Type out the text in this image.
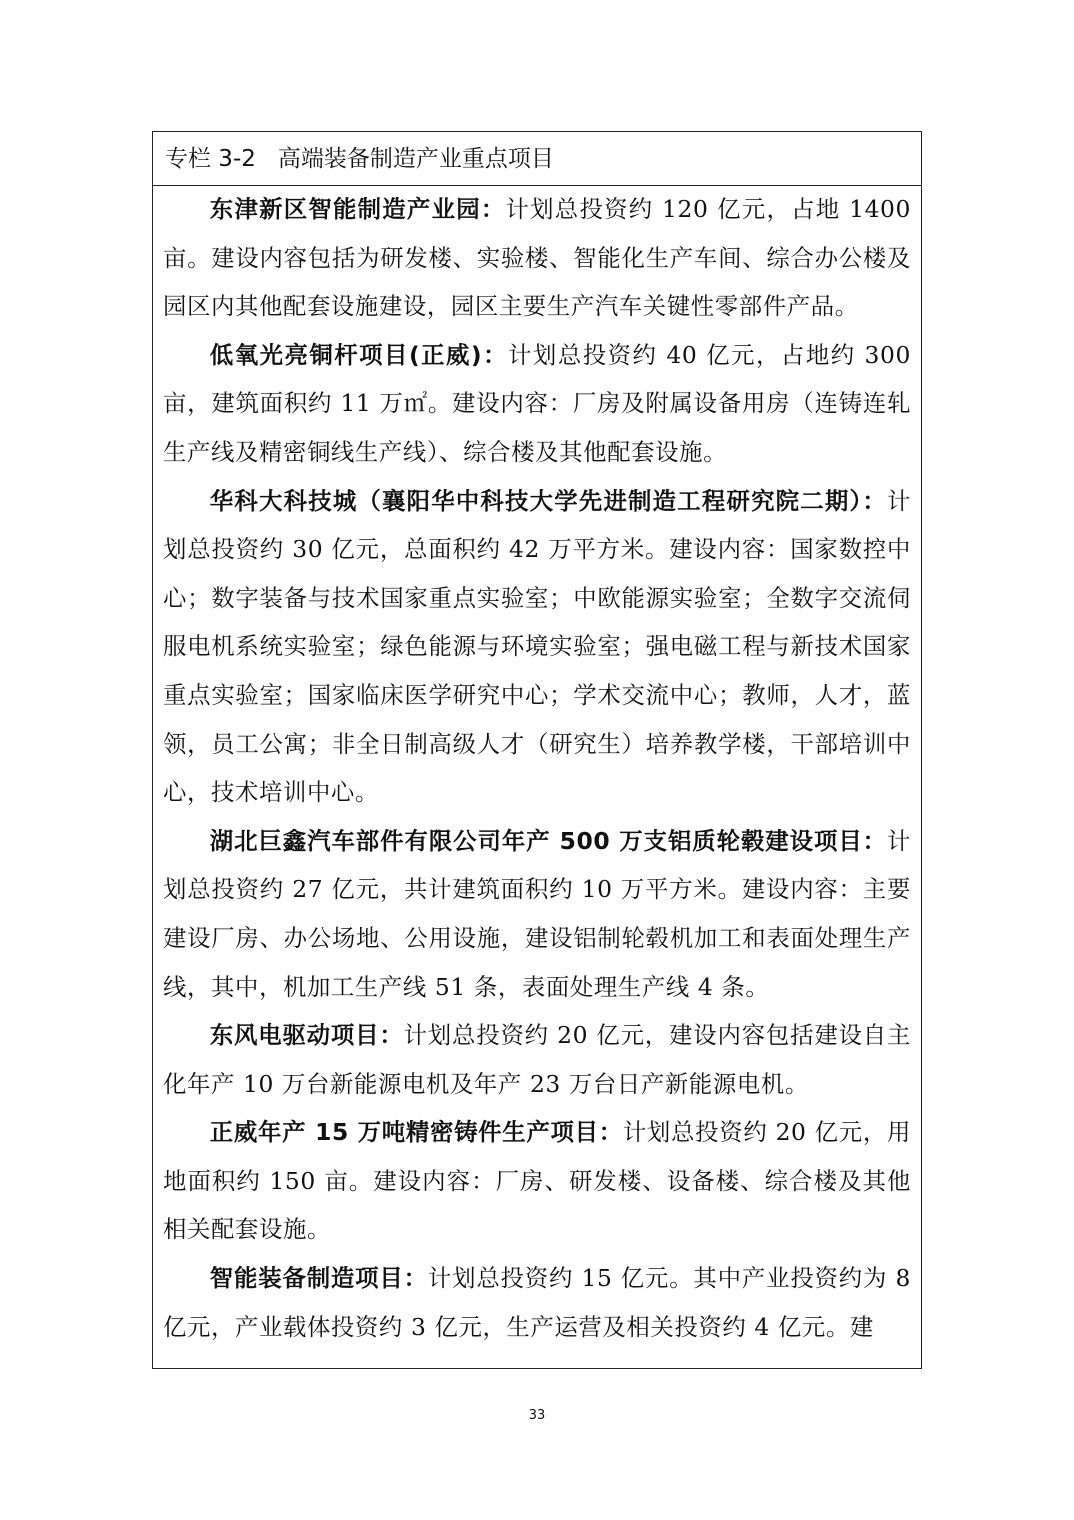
专栏 3-2 高端装备制造产业重点项目

东津新区智能制造产业园：计划总投资约 120 亿元，占地 1400 亩。建设内容包括为研发楼、实验楼、智能化生产车间、综合办公楼及园区内其他配套设施建设，园区主要生产汽车关键性零部件产品。

低氧光亮铜杆项目(正威)：计划总投资约 40 亿元，占地约 300 亩，建筑面积约 11 万㎡。建设内容：厂房及附属设备用房（连铸连轧生产线及精密铜线生产线）、综合楼及其他配套设施。

华科大科技城（襄阳华中科技大学先进制造工程研究院二期）：计划总投资约 30 亿元，总面积约 42 万平方米。建设内容：国家数控中心；数字装备与技术国家重点实验室；中欧能源实验室；全数字交流伺服电机系统实验室；绿色能源与环境实验室；强电磁工程与新技术国家重点实验室；国家临床医学研究中心；学术交流中心；教师，人才，蓝领，员工公寓；非全日制高级人才（研究生）培养教学楼，干部培训中心，技术培训中心。

湖北巨鑫汽车部件有限公司年产 500 万支铝质轮毂建设项目：计划总投资约 27 亿元，共计建筑面积约 10 万平方米。建设内容：主要建设厂房、办公场地、公用设施，建设铝制轮毂机加工和表面处理生产线，其中，机加工生产线 51 条，表面处理生产线 4 条。

东风电驱动项目：计划总投资约 20 亿元，建设内容包括建设自主化年产 10 万台新能源电机及年产 23 万台日产新能源电机。

正威年产 15 万吨精密铸件生产项目：计划总投资约 20 亿元，用地面积约 150 亩。建设内容：厂房、研发楼、设备楼、综合楼及其他相关配套设施。

智能装备制造项目：计划总投资约 15 亿元。其中产业投资约为 8 亿元，产业载体投资约 3 亿元，生产运营及相关投资约 4 亿元。建

33
